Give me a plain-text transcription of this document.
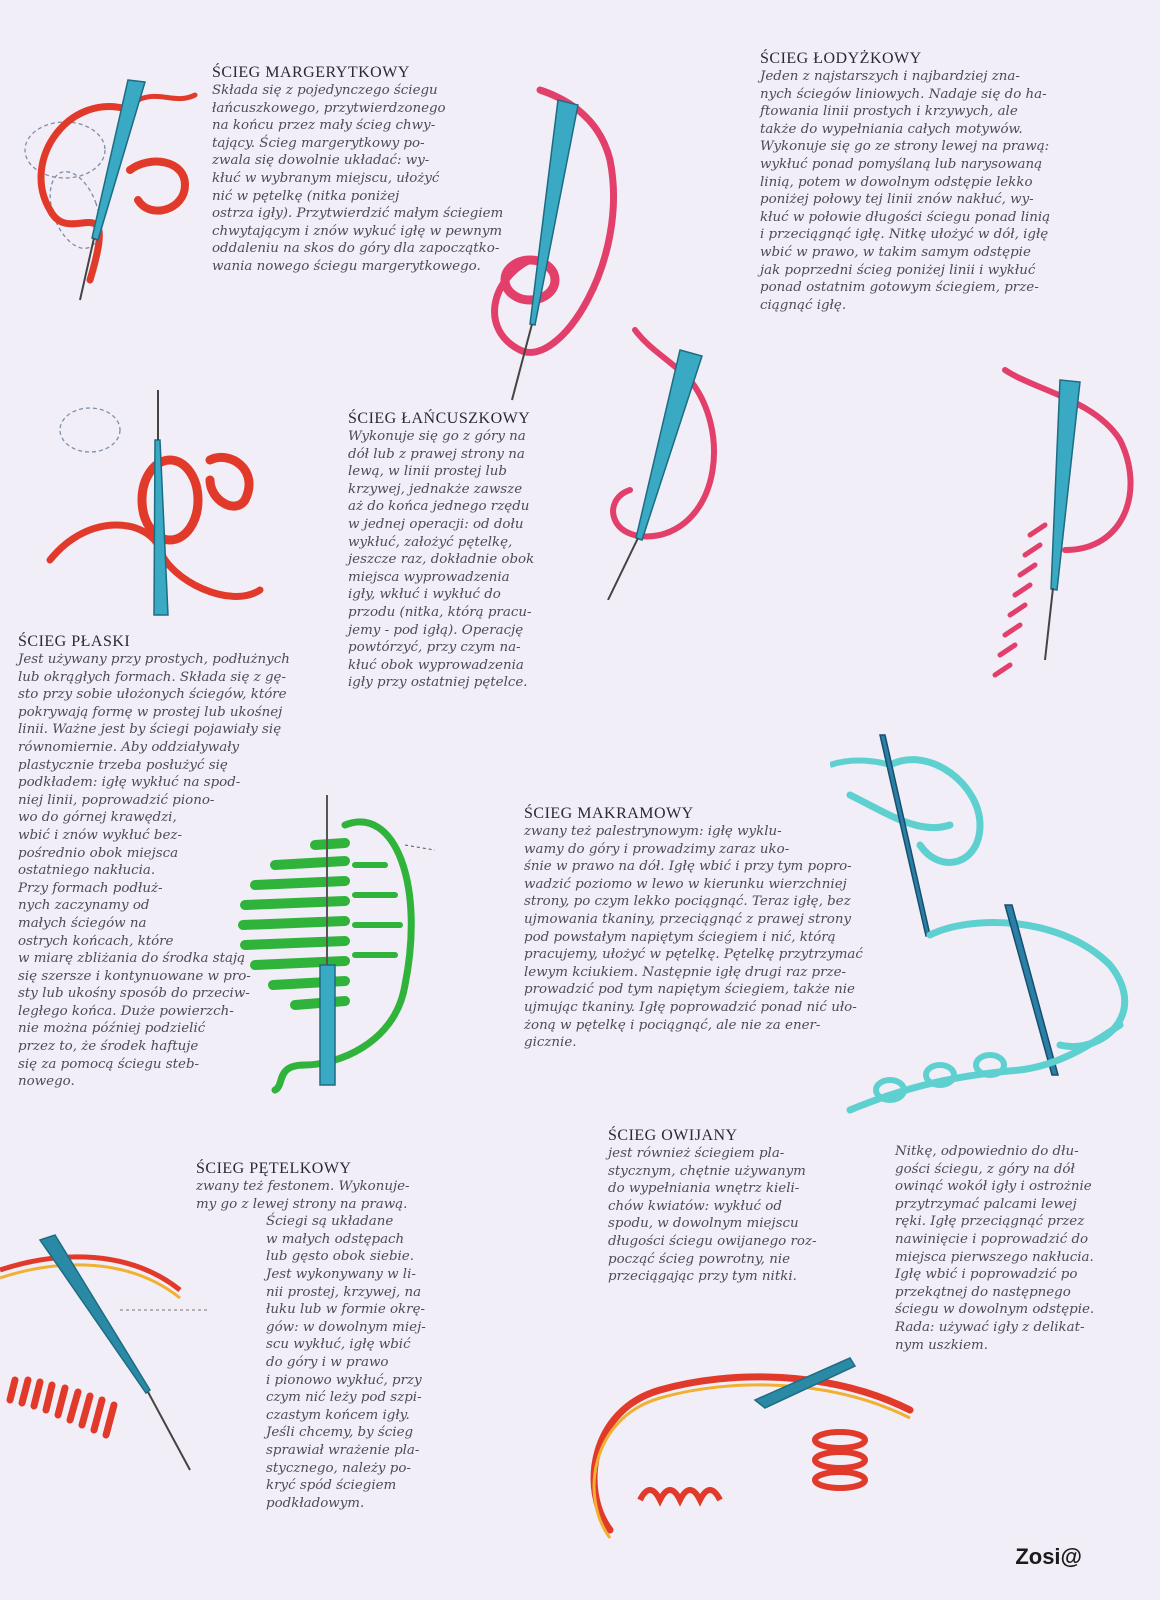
ŚCIEG MARGERYTKOWY
Składa się z pojedynczego ściegu
łańcuszkowego, przytwierdzonego
na końcu przez mały ścieg chwy-
tający. Ścieg margerytkowy po-
zwala się dowolnie układać: wy-
kłuć w wybranym miejscu, ułożyć
nić w pętelkę (nitka poniżej
ostrza igły). Przytwierdzić małym ściegiem
chwytającym i znów wykuć igłę w pewnym
oddaleniu na skos do góry dla zapoczątko-
wania nowego ściegu margerytkowego.
ŚCIEG ŁODYŻKOWY
Jeden z najstarszych i najbardziej zna-
nych ściegów liniowych. Nadaje się do ha-
ftowania linii prostych i krzywych, ale
także do wypełniania całych motywów.
Wykonuje się go ze strony lewej na prawą:
wykłuć ponad pomyślaną lub narysowaną
linią, potem w dowolnym odstępie lekko
poniżej połowy tej linii znów nakłuć, wy-
kłuć w połowie długości ściegu ponad linią
i przeciągnąć igłę. Nitkę ułożyć w dół, igłę
wbić w prawo, w takim samym odstępie
jak poprzedni ścieg poniżej linii i wykłuć
ponad ostatnim gotowym ściegiem, prze-
ciągnąć igłę.
ŚCIEG ŁAŃCUSZKOWY
Wykonuje się go z góry na
dół lub z prawej strony na
lewą, w linii prostej lub
krzywej, jednakże zawsze
aż do końca jednego rzędu
w jednej operacji: od dołu
wykłuć, założyć pętelkę,
jeszcze raz, dokładnie obok
miejsca wyprowadzenia
igły, wkłuć i wykłuć do
przodu (nitka, którą pracu-
jemy - pod igłą). Operację
powtórzyć, przy czym na-
kłuć obok wyprowadzenia
igły przy ostatniej pętelce.
ŚCIEG PŁASKI
Jest używany przy prostych, podłużnych
lub okrągłych formach. Składa się z gę-
sto przy sobie ułożonych ściegów, które
pokrywają formę w prostej lub ukośnej
linii. Ważne jest by ściegi pojawiały się
równomiernie. Aby oddziaływały
plastycznie trzeba posłużyć się
podkładem: igłę wykłuć na spod-
niej linii, poprowadzić piono-
wo do górnej krawędzi,
wbić i znów wykłuć bez-
pośrednio obok miejsca
ostatniego nakłucia.
Przy formach podłuż-
nych zaczynamy od
małych ściegów na
ostrych końcach, które
w miarę zbliżania do środka stają
się szersze i kontynuowane w pro-
sty lub ukośny sposób do przeciw-
ległego końca. Duże powierzch-
nie można później podzielić
przez to, że środek haftuje
się za pomocą ściegu steb-
nowego.
ŚCIEG MAKRAMOWY
zwany też palestrynowym: igłę wyklu-
wamy do góry i prowadzimy zaraz uko-
śnie w prawo na dół. Igłę wbić i przy tym popro-
wadzić poziomo w lewo w kierunku wierzchniej
strony, po czym lekko pociągnąć. Teraz igłę, bez
ujmowania tkaniny, przeciągnąć z prawej strony
pod powstałym napiętym ściegiem i nić, którą
pracujemy, ułożyć w pętelkę. Pętelkę przytrzymać
lewym kciukiem. Następnie igłę drugi raz prze-
prowadzić pod tym napiętym ściegiem, także nie
ujmując tkaniny. Igłę poprowadzić ponad nić uło-
żoną w pętelkę i pociągnąć, ale nie za ener-
gicznie.
ŚCIEG PĘTELKOWY
zwany też festonem. Wykonuje-
my go z lewej strony na prawą.
Ściegi są układane
w małych odstępach
lub gęsto obok siebie.
Jest wykonywany w li-
nii prostej, krzywej, na
łuku lub w formie okrę-
gów: w dowolnym miej-
scu wykłuć, igłę wbić
do góry i w prawo
i pionowo wykłuć, przy
czym nić leży pod szpi-
czastym końcem igły.
Jeśli chcemy, by ścieg
sprawiał wrażenie pla-
stycznego, należy po-
kryć spód ściegiem
podkładowym.
ŚCIEG OWIJANY
jest również ściegiem pla-
stycznym, chętnie używanym
do wypełniania wnętrz kieli-
chów kwiatów: wykłuć od
spodu, w dowolnym miejscu
długości ściegu owijanego roz-
począć ścieg powrotny, nie
przeciągając przy tym nitki.
Nitkę, odpowiednio do dłu-
gości ściegu, z góry na dół
owinąć wokół igły i ostrożnie
przytrzymać palcami lewej
ręki. Igłę przeciągnąć przez
nawinięcie i poprowadzić do
miejsca pierwszego nakłucia.
Igłę wbić i poprowadzić po
przekątnej do następnego
ściegu w dowolnym odstępie.
Rada: używać igły z delikat-
nym uszkiem.
Zosi@
